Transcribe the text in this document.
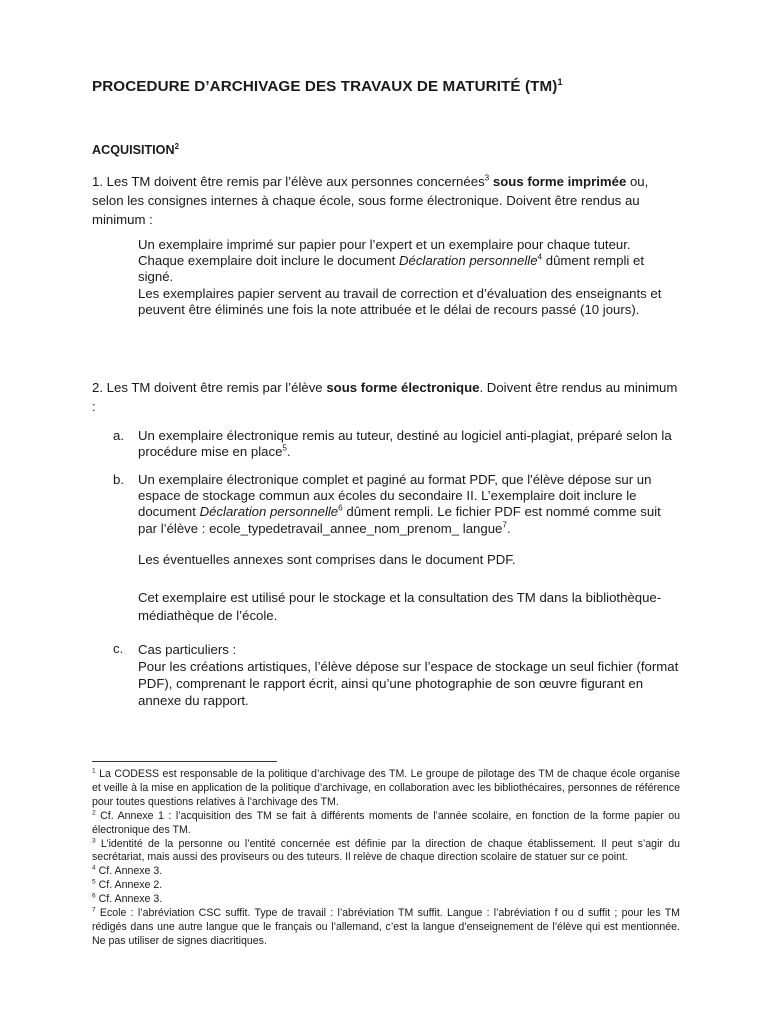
PROCEDURE D’ARCHIVAGE DES TRAVAUX DE MATURITÉ (TM)$^1$
ACQUISITION$^2$
1. Les TM doivent être remis par l’élève aux personnes concernées$^3$ sous forme imprimée ou, selon les consignes internes à chaque école, sous forme électronique. Doivent être rendus au minimum :
Un exemplaire imprimé sur papier pour l’expert et un exemplaire pour chaque tuteur. Chaque exemplaire doit inclure le document Déclaration personnelle$^4$ dûment rempli et signé.
Les exemplaires papier servent au travail de correction et d’évaluation des enseignants et peuvent être éliminés une fois la note attribuée et le délai de recours passé (10 jours).
2. Les TM doivent être remis par l’élève sous forme électronique. Doivent être rendus au minimum :
a. Un exemplaire électronique remis au tuteur, destiné au logiciel anti-plagiat, préparé selon la procédure mise en place$^5$.
b. Un exemplaire électronique complet et paginé au format PDF, que l'élève dépose sur un espace de stockage commun aux écoles du secondaire II. L’exemplaire doit inclure le document Déclaration personnelle$^6$ dûment rempli. Le fichier PDF est nommé comme suit par l’élève : ecole_typedetravail_annee_nom_prenom_ langue$^7$.
Les éventuelles annexes sont comprises dans le document PDF.
Cet exemplaire est utilisé pour le stockage et la consultation des TM dans la bibliothèque-médiathèque de l’école.
c. Cas particuliers :
Pour les créations artistiques, l’élève dépose sur l’espace de stockage un seul fichier (format PDF), comprenant le rapport écrit, ainsi qu’une photographie de son œuvre figurant en annexe du rapport.

$^1$ La CODESS est responsable de la politique d’archivage des TM. Le groupe de pilotage des TM de chaque école organise et veille à la mise en application de la politique d’archivage, en collaboration avec les bibliothécaires, personnes de référence pour toutes questions relatives à l'archivage des TM.

$^2$ Cf. Annexe 1 : l’acquisition des TM se fait à différents moments de l’année scolaire, en fonction de la forme papier ou électronique des TM.

$^3$ L’identité de la personne ou l’entité concernée est définie par la direction de chaque établissement. Il peut s’agir du secrétariat, mais aussi des proviseurs ou des tuteurs. Il relève de chaque direction scolaire de statuer sur ce point.

$^4$ Cf. Annexe 3.

$^5$ Cf. Annexe 2.

$^6$ Cf. Annexe 3.

$^7$ Ecole : l’abréviation CSC suffit. Type de travail : l’abréviation TM suffit. Langue : l’abréviation f ou d suffit ; pour les TM rédigés dans une autre langue que le français ou l’allemand, c’est la langue d’enseignement de l’élève qui est mentionnée. Ne pas utiliser de signes diacritiques.
